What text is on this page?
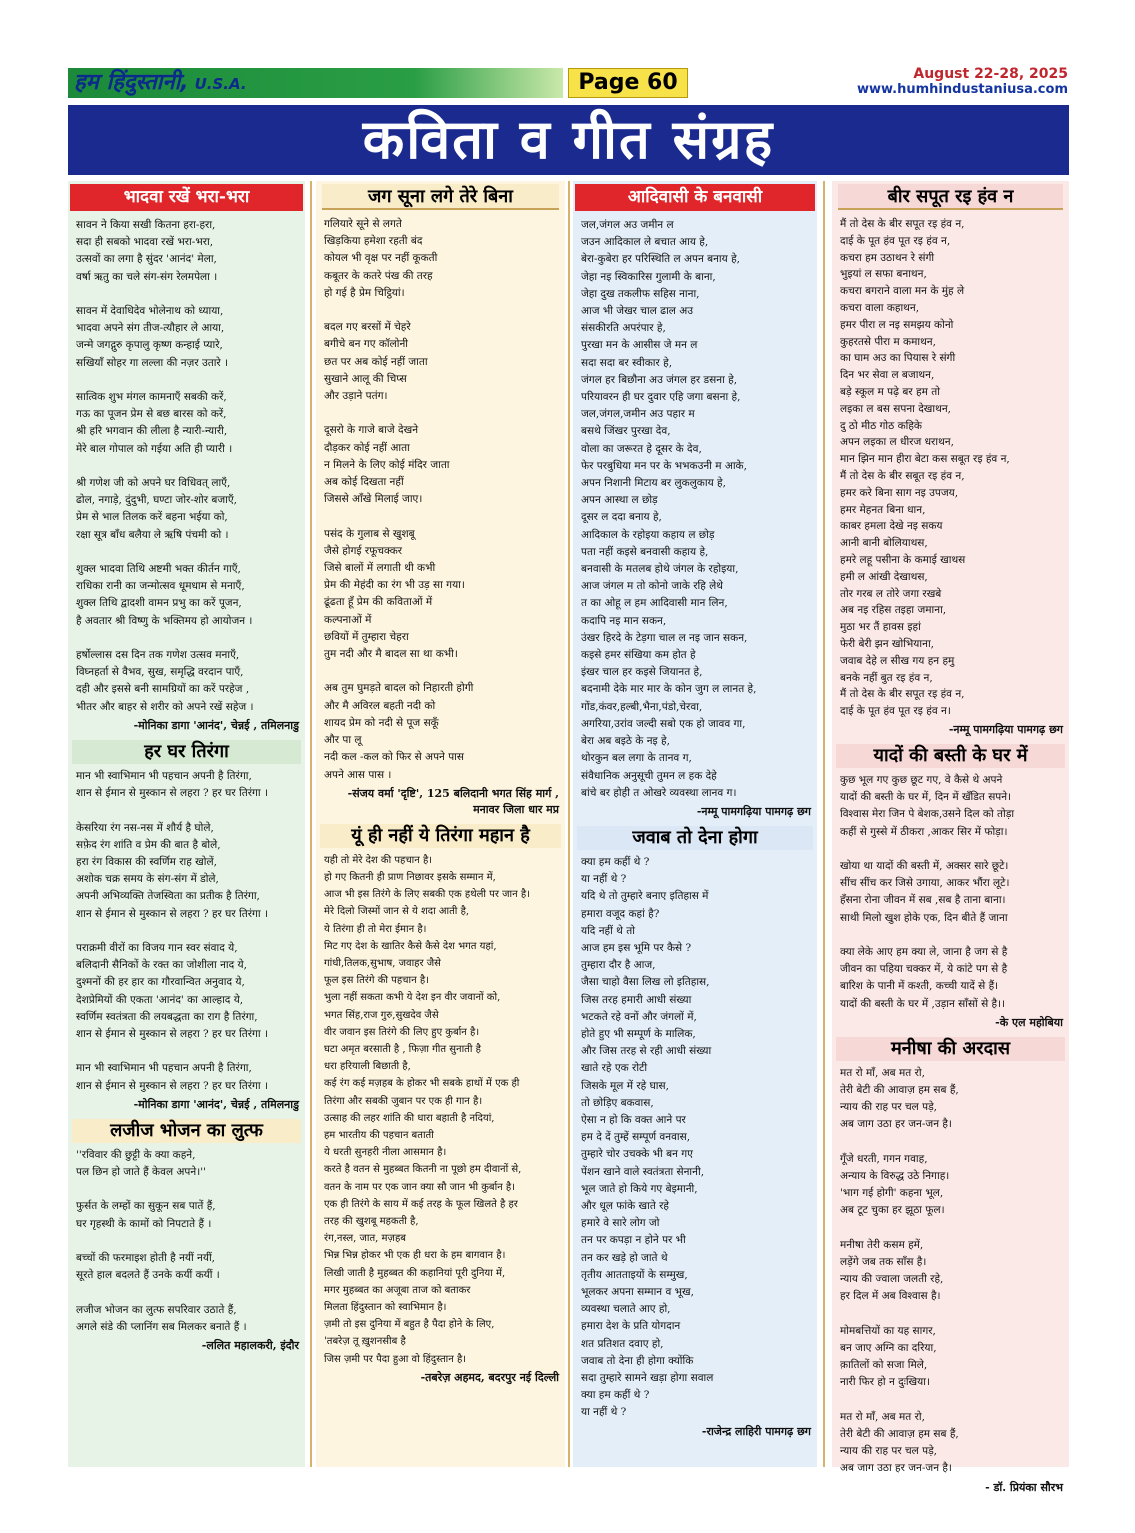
हम हिंदुस्तानी, U.S.A.	Page 60	August 22-28, 2025
www.humhindustaniusa.com
कविता व गीत संग्रह
भादवा रखें भरा-भरा
सावन ने किया सखी कितना हरा-हरा,
सदा ही सबको भादवा रखें भरा-भरा,
उत्सवों का लगा है सुंदर 'आनंद' मेला,
वर्षा ऋतु का चले संग-संग रेलमपेला ।

सावन में देवाधिदेव भोलेनाथ को ध्याया,
भादवा अपने संग तीज-त्यौहार ले आया,
जन्मे जगद्गुरु कृपालु कृष्ण कन्हाई प्यारे,
सखियाँ सोहर गा लल्ला की नज़र उतारे ।

सात्विक शुभ मंगल कामनाएँ सबकी करें,
गऊ का पूजन प्रेम से बछ बारस को करें,
श्री हरि भगवान की लीला है न्यारी-न्यारी,
मेरे बाल गोपाल को गईया अति ही प्यारी ।

श्री गणेश जी को अपने घर विधिवत् लाएँ,
ढोल, नगाड़े, दुंदुभी, घण्टा जोर-शोर बजाएँ,
प्रेम से भाल तिलक करें बहना भईया को,
रक्षा सूत्र बाँध बलैया ले ऋषि पंचमी को ।

शुक्ल भादवा तिथि अष्टमी भक्त कीर्तन गाएँ,
राधिका रानी का जन्मोत्सव धूमधाम से मनाएँ,
शुक्ल तिथि द्वादशी वामन प्रभु का करें पूजन,
है अवतार श्री विष्णु के भक्तिमय हो आयोजन ।

हर्षोल्लास दस दिन तक गणेश उत्सव मनाएँ,
विघ्नहर्ता से वैभव, सुख, समृद्धि वरदान पाएँ,
दही और इससे बनी सामग्रियों का करें परहेज ,
भीतर और बाहर से शरीर को अपने रखें सहेज ।
-मोनिका डागा 'आनंद', चेन्नई , तमिलनाडु
हर घर तिरंगा
मान भी स्वाभिमान भी पहचान अपनी है तिरंगा,
शान से ईमान से मुस्कान से लहरा ? हर घर तिरंगा ।

केसरिया रंग नस-नस में शौर्य है घोले,
सफ़ेद रंग शांति व प्रेम की बात है बोले,
हरा रंग विकास की स्वर्णिम राह खोलें,
अशोक चक्र समय के संग-संग में डोले,
अपनी अभिव्यक्ति तेजस्विता का प्रतीक है तिरंगा,
शान से ईमान से मुस्कान से लहरा ? हर घर तिरंगा ।

पराक्रमी वीरों का विजय गान स्वर संवाद ये,
बलिदानी सैनिकों के रक्त का जोशीला नाद ये,
दुश्मनों की हर हार का गौरवान्वित अनुवाद ये,
देशप्रेमियों की एकता 'आनंद' का आल्हाद ये,
स्वर्णिम स्वतंत्रता की लयबद्धता का राग है तिरंगा,
शान से ईमान से मुस्कान से लहरा ? हर घर तिरंगा ।

मान भी स्वाभिमान भी पहचान अपनी है तिरंगा,
शान से ईमान से मुस्कान से लहरा ? हर घर तिरंगा ।
-मोनिका डागा 'आनंद', चेन्नई , तमिलनाडु
लजीज भोजन का लुत्फ
''रविवार की छुट्टी के क्या कहने,
पल छिन हो जाते हैं केवल अपने।''

फुर्सत के लम्हों का सुकून सब पातें हैं,
घर गृहस्थी के कामों को निपटाते हैं ।

बच्चों की फरमाइश होती है नयीं नयीं,
सूरते हाल बदलते हैं उनके कयीं कयीं ।

लजीज भोजन का लुत्फ सपरिवार उठाते हैं,
अगले संडे की प्लानिंग सब मिलकर बनाते हैं ।
-ललित महालकरी, इंदौर
जग सूना लगे तेरे बिना
गलियारे सूने से लगते
खिड़किया हमेशा रहती बंद
कोयल भी वृक्ष पर नहीं कूकती
कबूतर के कतरे पंख की तरह
हो गई है प्रेम चिट्ठियां।

बदल गए बरसों में चेहरे
बगीचे बन गए कॉलोनी
छत पर अब कोई नहीं जाता
सुखाने आलू की चिप्स
और उड़ाने पतंग।

दूसरो के गाजे बाजे देखने
दौड़कर कोई नहीं आता
न मिलने के लिए कोई मंदिर जाता
अब कोई दिखता नहीं
जिससे आँखे मिलाई जाए।

पसंद के गुलाब से खुशबू
जैसे होगई रफूचक्कर
जिसे बालों में लगाती थी कभी
प्रेम की मेहंदी का रंग भी उड़ सा गया।
ढूंढता हूँ प्रेम की कविताओं में
कल्पनाओं में
छवियों में तुम्हारा चेहरा
तुम नदी और मै बादल सा था कभी।

अब तुम घुमड़ते बादल को निहारती होगी
और मै अविरल बहती नदी को
शायद प्रेम को नदी से पूज सकूँ
और पा लू
नदी कल -कल को फिर से अपने पास
अपने आस पास ।
-संजय वर्मा 'दृष्टि', 125 बलिदानी भगत सिंह मार्ग , मनावर जिला धार मप्र
यूं ही नहीं ये तिरंगा महान है
यही तो मेरे देश की पहचान है।
हो गए कितनी ही प्राण निछावर इसके सम्मान में,
आज भी इस तिरंगे के लिए सबकी एक हथेली पर जान है।
मेरे दिलो जिस्मों जान से ये शदा आती है,
ये तिरंगा ही तो मेरा ईमान है।
मिट गए देश के खातिर कैसे कैसे देश भगत यहां,
गांधी,तिलक,सुभाष, जवाहर जैसे
फूल इस तिरंगे की पहचान है।
भुला नहीं सकता कभी ये देश इन वीर जवानों को,
भगत सिंह,राज गुरु,सुखदेव जैसे
वीर जवान इस तिरंगे की लिए हुए कुर्बान है।
घटा अमृत बरसाती है , फिज़ा गीत सुनाती है
धरा हरियाली बिछाती है,
कई रंग कई मज़हब के होकर भी सबके हाथों में एक ही
तिरंगा और सबकी जुबान पर एक ही गान है।
उत्साह की लहर शांति की धारा बहाती है नदियां,
हम भारतीय की पहचान बताती
ये धरती सुनहरी नीला आसमान है।
करते है वतन से मुहब्बत कितनी ना पूछो हम दीवानों से,
वतन के नाम पर एक जान क्या सौ जान भी कुर्बान है।
एक ही तिरंगे के साय में कई तरह के फूल खिलते है हर
तरह की खुशबू महकती है,
रंग,नस्ल, जात, मज़हब
भिन्न भिन्न होकर भी एक ही धरा के हम बागवान है।
लिखी जाती है मुहब्बत की कहानियां पूरी दुनिया में,
मगर मुहब्बत का अजूबा ताज को बताकर
मिलता हिंदुस्तान को स्वाभिमान है।
ज़मी तो इस दुनिया में बहुत है पैदा होने के लिए,
'तबरेज़ तू ख़ुशनसीब है
जिस ज़मी पर पैदा हुआ वो हिंदुस्तान है।
-तबरेज़ अहमद, बदरपुर नई दिल्ली
आदिवासी के बनवासी
जल,जंगल अउ जमीन ल
जउन आदिकाल ले बचात आय हे,
बेरा-कुबेरा हर परिस्थिति ल अपन बनाय हे,
जेहा नइ स्विकारिस गुलामी के बाना,
जेहा दुख तकलीफ सहिस नाना,
आज भी जेखर चाल ढाल अउ
संसकीरति अपरंपार हे,
पुरखा मन के आसीस जे मन ल
सदा सदा बर स्वीकार हे,
जंगल हर बिछौना अउ जंगल हर डसना हे,
परियावरन ही घर दुवार एहि जगा बसना हे,
जल,जंगल,जमीन अउ पहार म
बसथे जिंखर पुरखा देव,
वोला का जरूरत हे दूसर के देव,
फेर परबुधिया मन पर के भभकउनी म आके,
अपन निशानी मिटाय बर लुकलुकाय हे,
अपन आस्था ल छोड़
दूसर ल ददा बनाय हे,
आदिकाल के रहोइया कहाय ल छोड़
पता नहीं कइसे बनवासी कहाय हे,
बनवासी के मतलब होथे जंगल के रहोइया,
आज जंगल म तो कोनो जाके रहि लेथे
त का ओहू ल हम आदिवासी मान लिन,
कदापि नइ मान सकन,
उंखर हिरदे के टेड़गा चाल ल नइ जान सकन,
कइसे हमर संखिया कम होत हे
इंखर चाल हर कइसे जियानत हे,
बदनामी देके मार मार के कोन जुग ल लानत हे,
गोंड,कंवर,हल्बी,भैना,पंडो,चेरवा,
अगरिया,उरांव जल्दी सबो एक हो जावव गा,
बेरा अब बइठे के नइ हे,
थोरकुन बल लगा के तानव ग,
संवैधानिक अनुसूची तुमन ल हक देहे
बांचे बर होही त ओखरे व्यवस्था लानव ग।
-नम्मू पामगढ़िया पामगढ़ छग
जवाब तो देना होगा
क्या हम कहीं थे ?
या नहीं थे ?
यदि थे तो तुम्हारे बनाए इतिहास में
हमारा वजूद कहां है?
यदि नहीं थे तो
आज हम इस भूमि पर कैसे ?
तुम्हारा दौर है आज,
जैसा चाहो वैसा लिख लो इतिहास,
जिस तरह हमारी आधी संख्या
भटकते रहे वनों और जंगलों में,
होते हुए भी सम्पूर्ण के मालिक,
और जिस तरह से रही आधी संख्या
खाते रहे एक रोटी
जिसके मूल में रहे घास,
तो छोड़िए बकवास,
ऐसा न हो कि वक्त आने पर
हम दे दें तुम्हें सम्पूर्ण वनवास,
तुम्हारे चोर उचक्के भी बन गए
पेंशन खाने वाले स्वतंत्रता सेनानी,
भूल जाते हो किये गए बेइमानी,
और धूल फांके खाते रहे
हमारे वे सारे लोग जो
तन पर कपड़ा न होने पर भी
तन कर खड़े हो जाते थे
तृतीय आतताइयों के सम्मुख,
भूलकर अपना सम्मान व भूख,
व्यवस्था चलाते आए हो,
हमारा देश के प्रति योगदान
शत प्रतिशत दवाए हो,
जवाब तो देना ही होगा क्योंकि
सदा तुम्हारे सामने खड़ा होगा सवाल
क्या हम कहीं थे ?
या नहीं थे ?
-राजेन्द्र लाहिरी पामगढ़ छग
बीर सपूत रइ हंव न
मैं तो देस के बीर सपूत रइ हंव न,
दाई के पूत हंव पूत रइ हंव न,
कचरा हम उठाथन रे संगी
भुइयां ल सफा बनाथन,
कचरा बगराने वाला मन के मुंह ले
कचरा वाला कहाथन,
हमर पीरा ल नइ समझय कोनो
कुहरतसे पीरा म कमाथन,
का घाम अउ का पियास रे संगी
दिन भर सेवा ल बजाथन,
बड़े स्कूल म पढ़े बर हम तो
लइका ल बस सपना देखाथन,
दु ठो मीठ गोठ कहिके
अपन लइका ल धीरज धराथन,
मान झिन मान हीरा बेटा कस सबूत रइ हंव न,
मैं तो देस के बीर सबूत रइ हंव न,
हमर करे बिना साग नइ उपजय,
हमर मेहनत बिना धान,
काबर हमला देखे नइ सकय
आनी बानी बोलियाथस,
हमरे लहू पसीना के कमाई खाथस
हमी ल आंखी देखाथस,
तोर गरब ल तोरे जगा रखबे
अब नइ रहिस तइहा जमाना,
मुठा भर तैं हावस इहां
फेरी बेरी झन खोभियाना,
जवाब देहे ल सीख गय हन हमु
बनके नहीं बुत रइ हंव न,
मैं तो देस के बीर सपूत रइ हंव न,
दाई के पूत हंव पूत रइ हंव न।
-नम्मू पामगढ़िया पामगढ़ छग
यादों की बस्ती के घर में
कुछ भूल गए कुछ छूट गए, वे कैसे थे अपने
यादों की बस्ती के घर में, दिन में खँडित सपने।
विश्वास मेरा जिन पे बेशक,उसने दिल को तोड़ा
कहीं से गुस्से में ठीकरा ,आकर सिर में फोड़ा।

खोया था यादों की बस्ती में, अक्सर सारे छूटे।
सींच सींच कर जिसे उगाया, आकर भौंरा लूटे।
हँसना रोना जीवन में सब ,सब है ताना बाना।
साथी मिलो खुश होके एक, दिन बीते हैं जाना

क्या लेके आए हम क्या ले, जाना है जग से है
जीवन का पहिया चक्कर में, ये कांटे पग से है
बारिश के पानी में कश्ती, कच्ची यादें से हैं।
यादों की बस्ती के घर में ,उड़ान साँसों से है।।
-के एल महोबिया
मनीषा की अरदास
मत रो माँ, अब मत रो,
तेरी बेटी की आवाज़ हम सब हैं,
न्याय की राह पर चल पड़े,
अब जाग उठा हर जन-जन है।

गूँजे धरती, गगन गवाह,
अन्याय के विरुद्ध उठे निगाह।
'भाग गई होगी' कहना भूल,
अब टूट चुका हर झूठा फूल।

मनीषा तेरी कसम हमें,
लड़ेंगे जब तक साँस है।
न्याय की ज्वाला जलती रहे,
हर दिल में अब विश्वास है।

मोमबत्तियों का यह सागर,
बन जाए अग्नि का दरिया,
क़ातिलों को सजा मिले,
नारी फिर हो न दुःखिया।

मत रो माँ, अब मत रो,
तेरी बेटी की आवाज़ हम सब हैं,
न्याय की राह पर चल पड़े,
अब जाग उठा हर जन-जन है।
- डॉ. प्रियंका सौरभ
